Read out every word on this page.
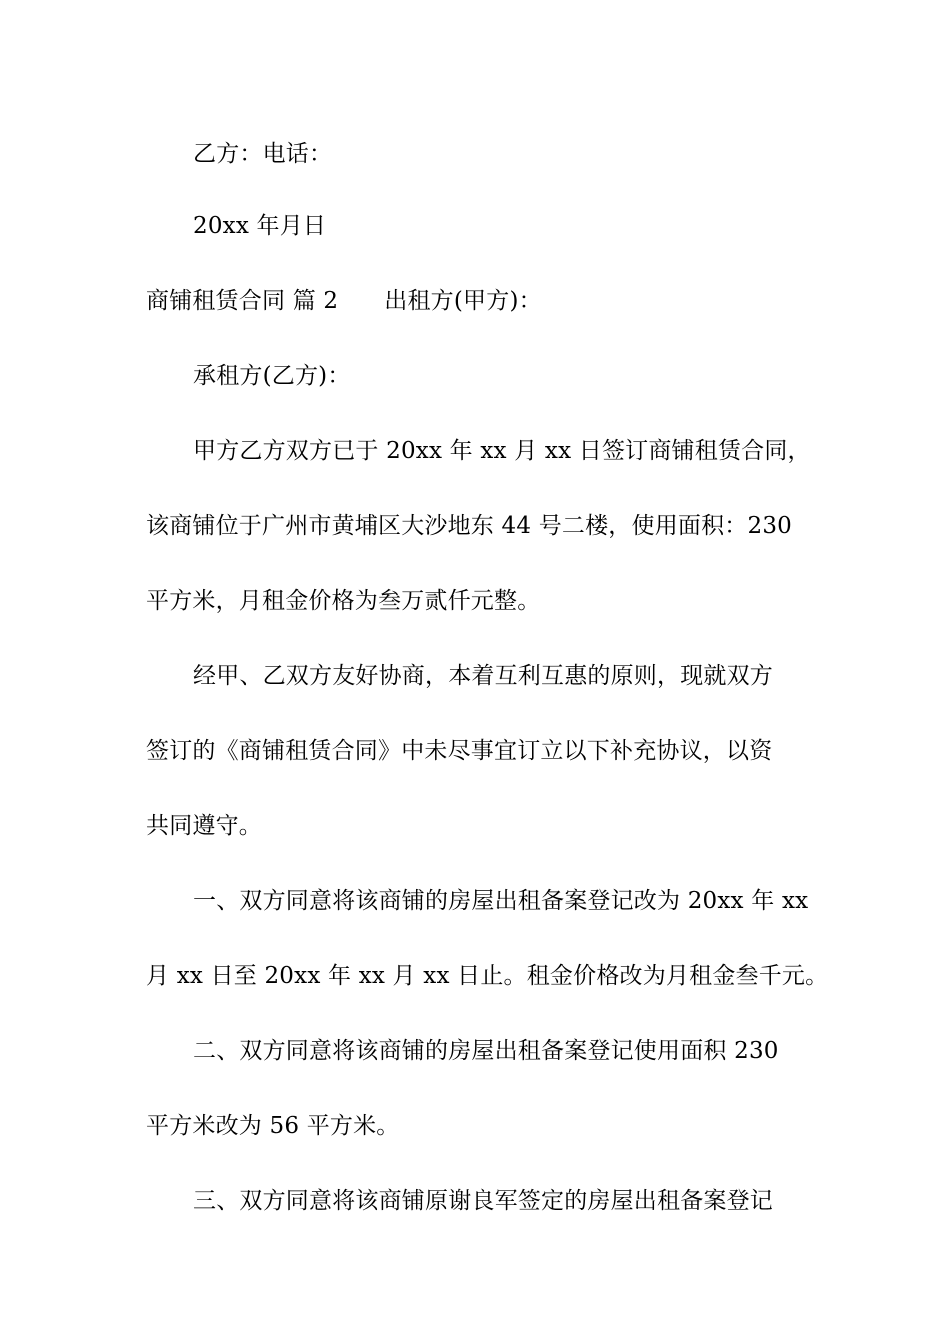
乙方：电话：
20xx 年月日
商铺租赁合同 篇 2 出租方(甲方)：
承租方(乙方)：
甲方乙方双方已于 20xx 年 xx 月 xx 日签订商铺租赁合同，
该商铺位于广州市黄埔区大沙地东 44 号二楼，使用面积：230
平方米，月租金价格为叁万贰仟元整。
经甲、乙双方友好协商，本着互利互惠的原则，现就双方
签订的《商铺租赁合同》中未尽事宜订立以下补充协议，以资
共同遵守。
一、双方同意将该商铺的房屋出租备案登记改为 20xx 年 xx
月 xx 日至 20xx 年 xx 月 xx 日止。租金价格改为月租金叁千元。
二、双方同意将该商铺的房屋出租备案登记使用面积 230
平方米改为 56 平方米。
三、双方同意将该商铺原谢良军签定的房屋出租备案登记
